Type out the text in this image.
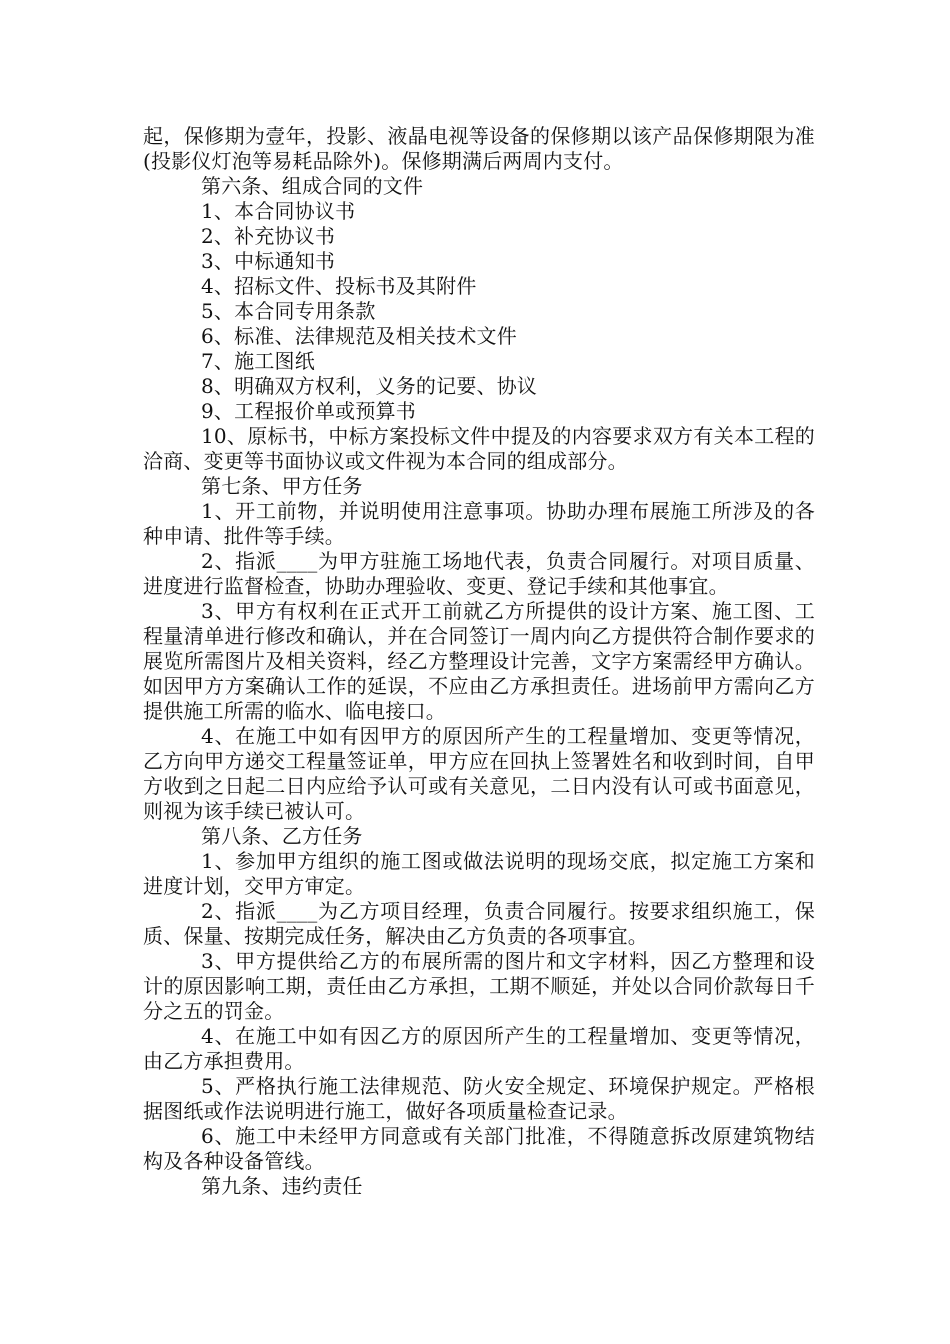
起，保修期为壹年，投影、液晶电视等设备的保修期以该产品保修期限为准(投影仪灯泡等易耗品除外)。保修期满后两周内支付。

第六条、组成合同的文件

1、本合同协议书

2、补充协议书

3、中标通知书

4、招标文件、投标书及其附件

5、本合同专用条款

6、标准、法律规范及相关技术文件

7、施工图纸

8、明确双方权利，义务的记要、协议

9、工程报价单或预算书

10、原标书，中标方案投标文件中提及的内容要求双方有关本工程的洽商、变更等书面协议或文件视为本合同的组成部分。

第七条、甲方任务

1、开工前物，并说明使用注意事项。协助办理布展施工所涉及的各种申请、批件等手续。

2、指派____为甲方驻施工场地代表，负责合同履行。对项目质量、进度进行监督检查，协助办理验收、变更、登记手续和其他事宜。

3、甲方有权利在正式开工前就乙方所提供的设计方案、施工图、工程量清单进行修改和确认，并在合同签订一周内向乙方提供符合制作要求的展览所需图片及相关资料，经乙方整理设计完善，文字方案需经甲方确认。如因甲方方案确认工作的延误，不应由乙方承担责任。进场前甲方需向乙方提供施工所需的临水、临电接口。

4、在施工中如有因甲方的原因所产生的工程量增加、变更等情况，乙方向甲方递交工程量签证单，甲方应在回执上签署姓名和收到时间，自甲方收到之日起二日内应给予认可或有关意见，二日内没有认可或书面意见，则视为该手续已被认可。

第八条、乙方任务

1、参加甲方组织的施工图或做法说明的现场交底，拟定施工方案和进度计划，交甲方审定。

2、指派____为乙方项目经理，负责合同履行。按要求组织施工，保质、保量、按期完成任务，解决由乙方负责的各项事宜。

3、甲方提供给乙方的布展所需的图片和文字材料，因乙方整理和设计的原因影响工期，责任由乙方承担，工期不顺延，并处以合同价款每日千分之五的罚金。

4、在施工中如有因乙方的原因所产生的工程量增加、变更等情况，由乙方承担费用。

5、严格执行施工法律规范、防火安全规定、环境保护规定。严格根据图纸或作法说明进行施工，做好各项质量检查记录。

6、施工中未经甲方同意或有关部门批准，不得随意拆改原建筑物结构及各种设备管线。

第九条、违约责任
